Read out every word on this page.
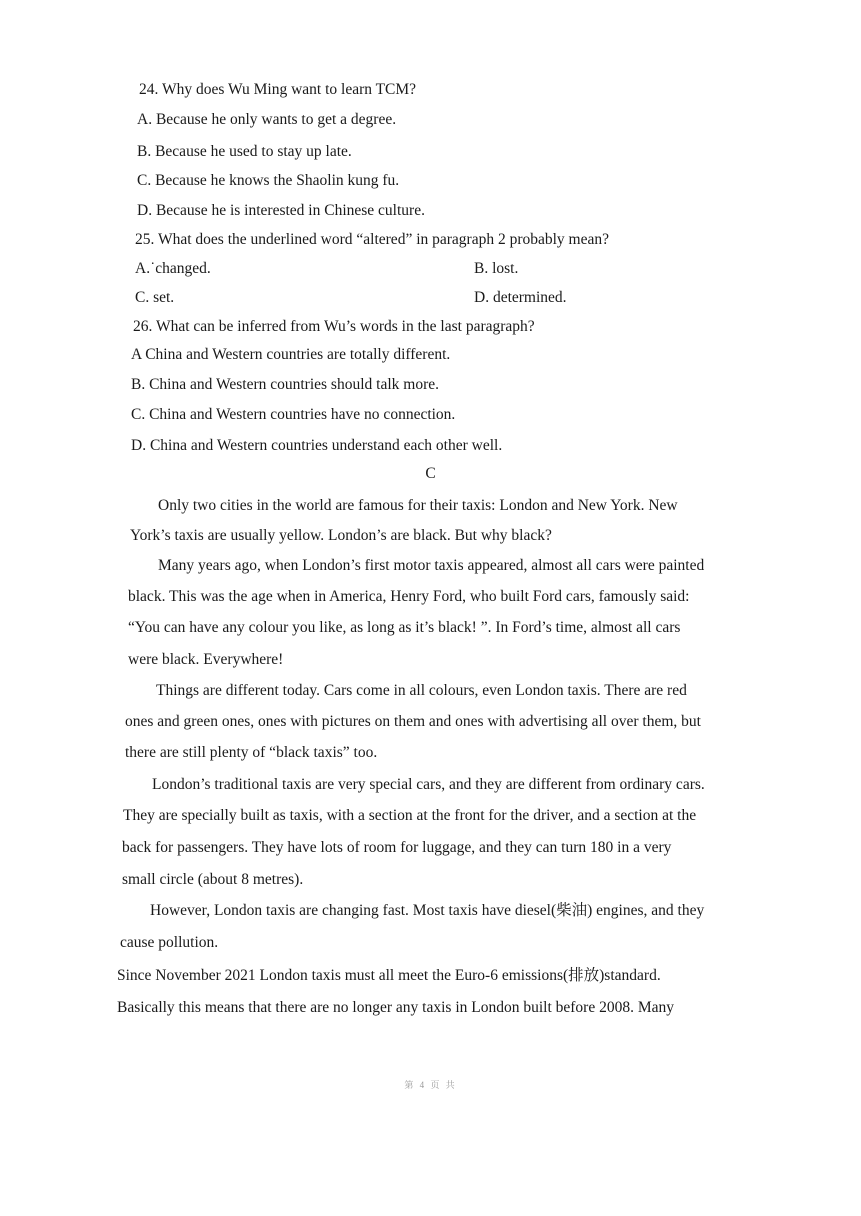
24. Why does Wu Ming want to learn TCM?
A. Because he only wants to get a degree.
B. Because he used to stay up late.
C. Because he knows the Shaolin kung fu.
D. Because he is interested in Chinese culture.
25. What does the underlined word “altered” in paragraph 2 probably mean?
A.˙changed.	B. lost.
C. set.	D. determined.
26. What can be inferred from Wu’s words in the last paragraph?
A China and Western countries are totally different.
B. China and Western countries should talk more.
C. China and Western countries have no connection.
D. China and Western countries understand each other well.
C
Only two cities in the world are famous for their taxis: London and New York. New
York’s taxis are usually yellow. London’s are black. But why black?
Many years ago, when London’s first motor taxis appeared, almost all cars were painted
black. This was the age when in America, Henry Ford, who built Ford cars, famously said:
“You can have any colour you like, as long as it’s black! ”. In Ford’s time, almost all cars
were black. Everywhere!
Things are different today. Cars come in all colours, even London taxis. There are red
ones and green ones, ones with pictures on them and ones with advertising all over them, but
there are still plenty of “black taxis” too.
London’s traditional taxis are very special cars, and they are different from ordinary cars.
They are specially built as taxis, with a section at the front for the driver, and a section at the
back for passengers. They have lots of room for luggage, and they can turn 180 in a very
small circle (about 8 metres).
However, London taxis are changing fast. Most taxis have diesel(柴油) engines, and they
cause pollution.
Since November 2021 London taxis must all meet the Euro-6 emissions(排放)standard.
Basically this means that there are no longer any taxis in London built before 2008. Many
第 4 页 共
